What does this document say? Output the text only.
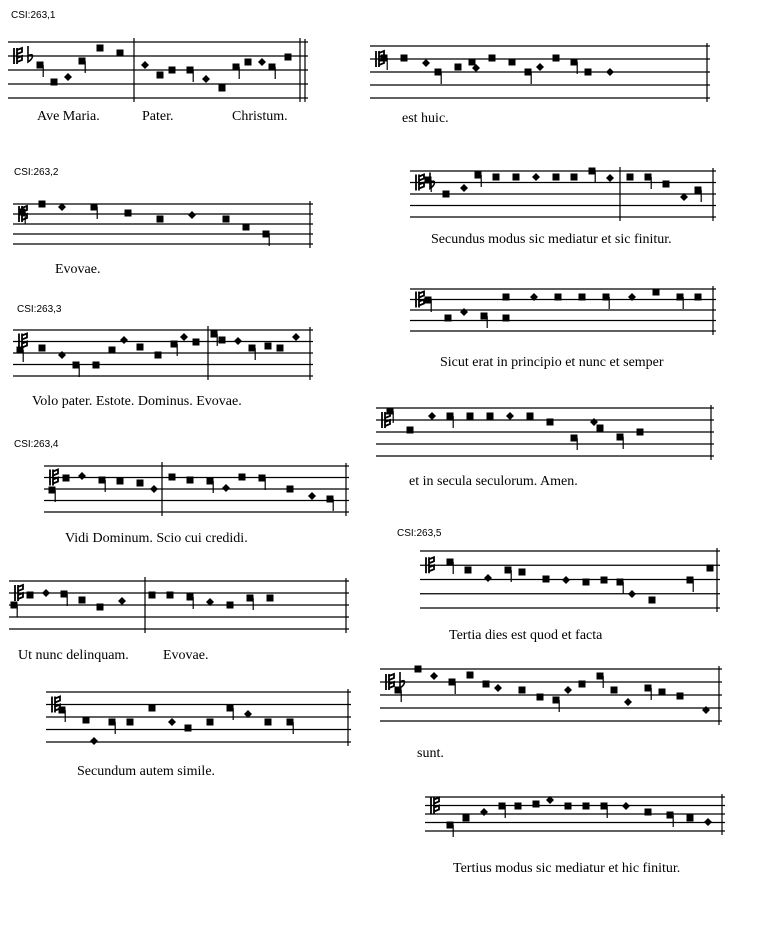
CSI:263,1
CSI:263,2
CSI:263,3
CSI:263,4
CSI:263,5
Ave Maria.	Pater.	Christum.	est huic.
Evovae.
Secundus modus sic mediatur et sic finitur.
Volo pater. Estote. Dominus. Evovae.
Sicut erat in principio et nunc et semper
et in secula seculorum. Amen.
Vidi Dominum. Scio cui credidi.
Ut nunc delinquam. Evovae.
Tertia dies est quod et facta
Secundum autem simile.
sunt.
Tertius modus sic mediatur et hic finitur.
